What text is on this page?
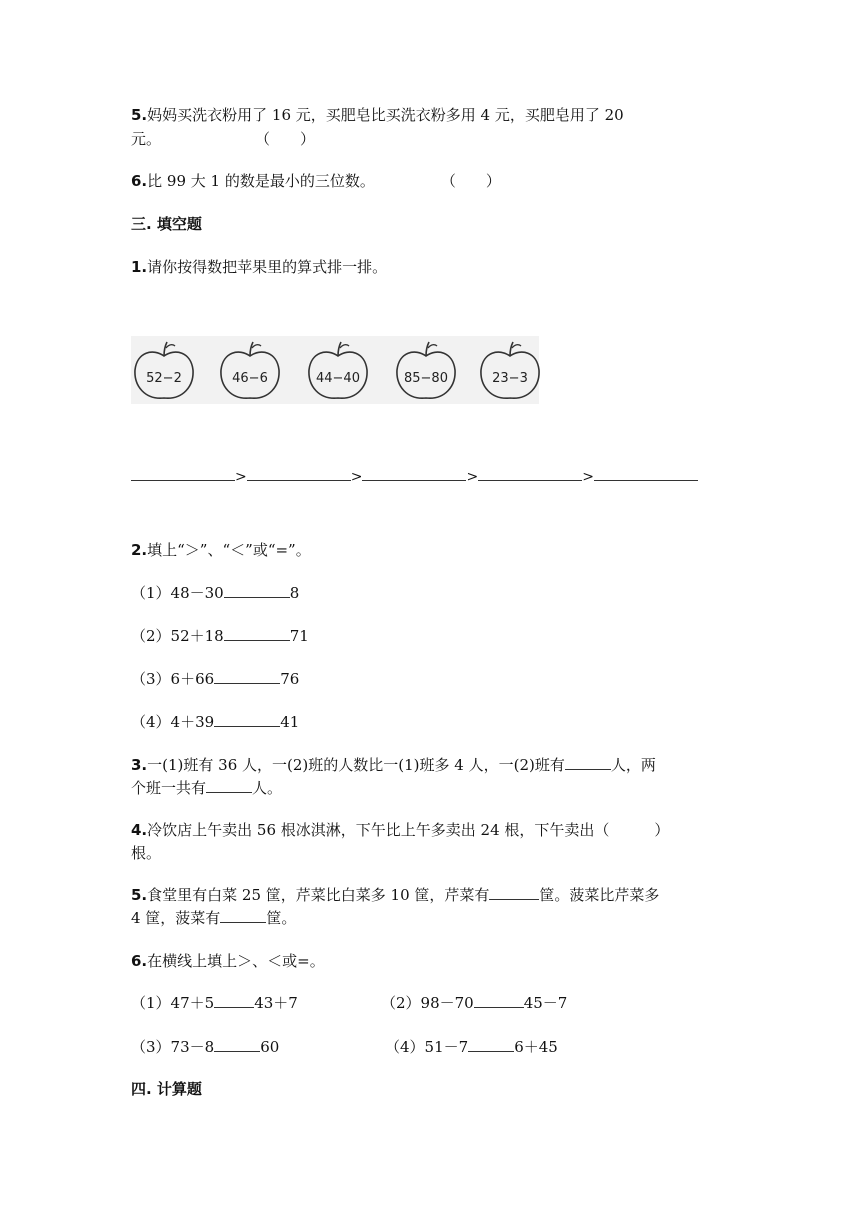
5.妈妈买洗衣粉用了 16 元，买肥皂比买洗衣粉多用 4 元，买肥皂用了 20
元。	（　　）
6.比 99 大 1 的数是最小的三位数。	（　　）
三. 填空题
1.请你按得数把苹果里的算式排一排。
52−2	46−6	44−40	85−80	23−3
>	>	>	>
2.填上“＞”、“＜”或“=”。
（1）48－30	8
（2）52＋18	71
（3）6＋66	76
（4）4＋39	41
3.一(1)班有 36 人，一(2)班的人数比一(1)班多 4 人，一(2)班有	人，两
个班一共有	人。
4.冷饮店上午卖出 56 根冰淇淋，下午比上午多卖出 24 根，下午卖出（　　　）
根。
5.食堂里有白菜 25 筐，芹菜比白菜多 10 筐，芹菜有	筐。菠菜比芹菜多
4 筐，菠菜有	筐。
6.在横线上填上＞、＜或=。
（1）47＋5	43＋7	（2）98－70	45－7
（3）73－8	60	（4）51－7	6＋45
四. 计算题
